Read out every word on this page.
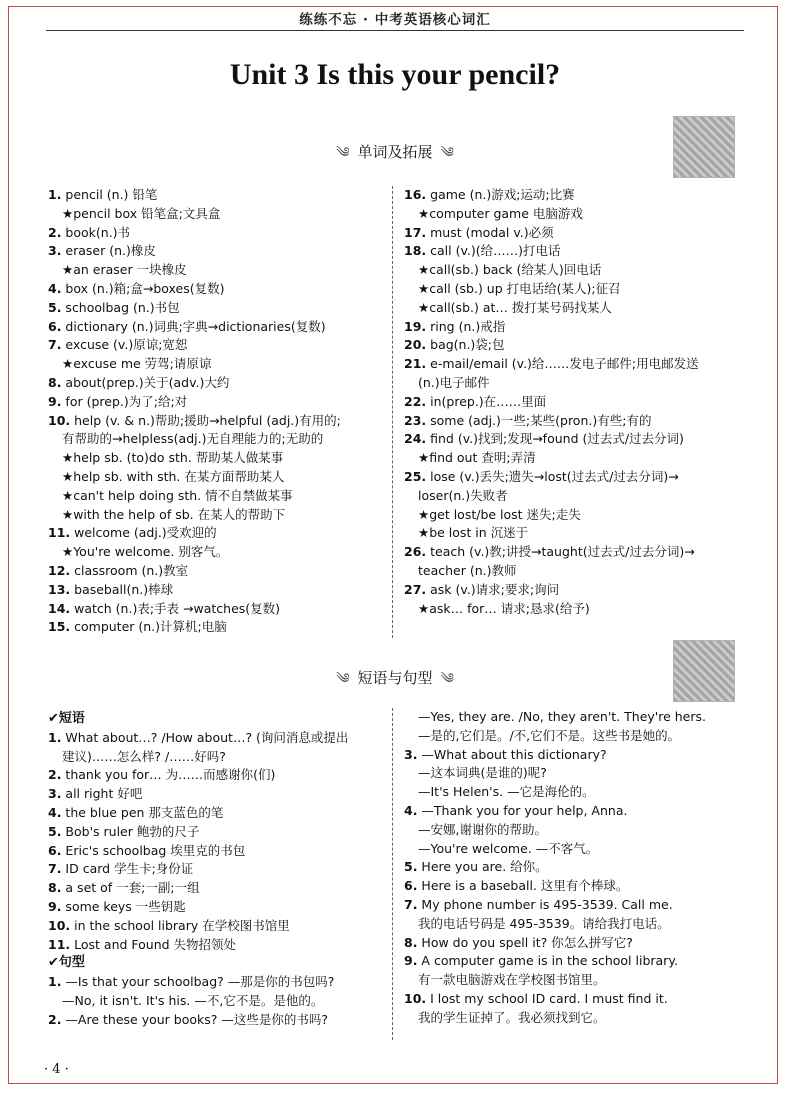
练练不忘 · 中考英语核心词汇
Unit 3 Is this your pencil?
༄ 单词及拓展 ༄
1. pencil (n.) 铅笔
★pencil box 铅笔盒;文具盒
2. book(n.)书
3. eraser (n.)橡皮
★an eraser 一块橡皮
4. box (n.)箱;盒→boxes(复数)
5. schoolbag (n.)书包
6. dictionary (n.)词典;字典→dictionaries(复数)
7. excuse (v.)原谅;宽恕
★excuse me 劳驾;请原谅
8. about(prep.)关于(adv.)大约
9. for (prep.)为了;给;对
10. help (v. & n.)帮助;援助→helpful (adj.)有用的;
有帮助的→helpless(adj.)无自理能力的;无助的
★help sb. (to)do sth. 帮助某人做某事
★help sb. with sth. 在某方面帮助某人
★can't help doing sth. 情不自禁做某事
★with the help of sb. 在某人的帮助下
11. welcome (adj.)受欢迎的
★You're welcome. 别客气。
12. classroom (n.)教室
13. baseball(n.)棒球
14. watch (n.)表;手表 →watches(复数)
15. computer (n.)计算机;电脑
16. game (n.)游戏;运动;比赛
★computer game 电脑游戏
17. must (modal v.)必须
18. call (v.)(给……)打电话
★call(sb.) back (给某人)回电话
★call (sb.) up 打电话给(某人);征召
★call(sb.) at… 拨打某号码找某人
19. ring (n.)戒指
20. bag(n.)袋;包
21. e-mail/email (v.)给……发电子邮件;用电邮发送
(n.)电子邮件
22. in(prep.)在……里面
23. some (adj.)一些;某些(pron.)有些;有的
24. find (v.)找到;发现→found (过去式/过去分词)
★find out 查明;弄清
25. lose (v.)丢失;遗失→lost(过去式/过去分词)→
loser(n.)失败者
★get lost/be lost 迷失;走失
★be lost in 沉迷于
26. teach (v.)教;讲授→taught(过去式/过去分词)→
teacher (n.)教师
27. ask (v.)请求;要求;询问
★ask… for… 请求;恳求(给予)
༄ 短语与句型 ༄
✔短语
1. What about…? /How about…? (询问消息或提出
建议)……怎么样? /……好吗?
2. thank you for… 为……而感谢你(们)
3. all right 好吧
4. the blue pen 那支蓝色的笔
5. Bob's ruler 鲍勃的尺子
6. Eric's schoolbag 埃里克的书包
7. ID card 学生卡;身份证
8. a set of 一套;一副;一组
9. some keys 一些钥匙
10. in the school library 在学校图书馆里
11. Lost and Found 失物招领处
✔句型
1. —Is that your schoolbag? —那是你的书包吗?
—No, it isn't. It's his. —不,它不是。是他的。
2. —Are these your books? —这些是你的书吗?
—Yes, they are. /No, they aren't. They're hers.
—是的,它们是。/不,它们不是。这些书是她的。
3. —What about this dictionary?
—这本词典(是谁的)呢?
—It's Helen's. —它是海伦的。
4. —Thank you for your help, Anna.
—安娜,谢谢你的帮助。
—You're welcome. —不客气。
5. Here you are. 给你。
6. Here is a baseball. 这里有个棒球。
7. My phone number is 495-3539. Call me.
我的电话号码是 495-3539。请给我打电话。
8. How do you spell it? 你怎么拼写它?
9. A computer game is in the school library.
有一款电脑游戏在学校图书馆里。
10. I lost my school ID card. I must find it.
我的学生证掉了。我必须找到它。
· 4 ·
